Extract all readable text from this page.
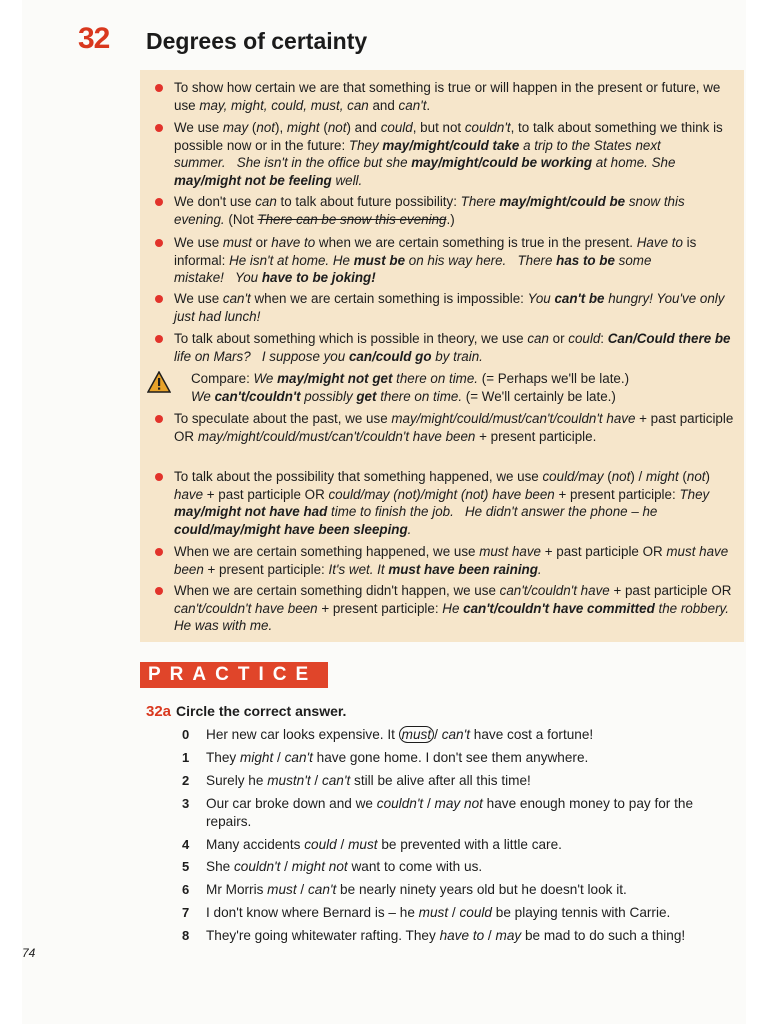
32 Degrees of certainty
To show how certain we are that something is true or will happen in the present or future, we use may, might, could, must, can and can't.
We use may (not), might (not) and could, but not couldn't, to talk about something we think is possible now or in the future: They may/might/could take a trip to the States next summer. She isn't in the office but she may/might/could be working at home. She may/might not be feeling well.
We don't use can to talk about future possibility: There may/might/could be snow this evening. (Not There can be snow this evening.)
We use must or have to when we are certain something is true in the present. Have to is informal: He isn't at home. He must be on his way here. There has to be some mistake! You have to be joking!
We use can't when we are certain something is impossible: You can't be hungry! You've only just had lunch!
To talk about something which is possible in theory, we use can or could: Can/Could there be life on Mars? I suppose you can/could go by train.
Compare: We may/might not get there on time. (= Perhaps we'll be late.)
We can't/couldn't possibly get there on time. (= We'll certainly be late.)
To speculate about the past, we use may/might/could/must/can't/couldn't have + past participle OR may/might/could/must/can't/couldn't have been + present participle.
To talk about the possibility that something happened, we use could/may (not) / might (not) have + past participle OR could/may (not)/might (not) have been + present participle: They may/might not have had time to finish the job. He didn't answer the phone – he could/may/might have been sleeping.
When we are certain something happened, we use must have + past participle OR must have been + present participle: It's wet. It must have been raining.
When we are certain something didn't happen, we use can't/couldn't have + past participle OR can't/couldn't have been + present participle: He can't/couldn't have committed the robbery. He was with me.
PRACTICE
32a Circle the correct answer.
0	Her new car looks expensive. It must / can't have cost a fortune!
1	They might / can't have gone home. I don't see them anywhere.
2	Surely he mustn't / can't still be alive after all this time!
3	Our car broke down and we couldn't / may not have enough money to pay for the repairs.
4	Many accidents could / must be prevented with a little care.
5	She couldn't / might not want to come with us.
6	Mr Morris must / can't be nearly ninety years old but he doesn't look it.
7	I don't know where Bernard is – he must / could be playing tennis with Carrie.
8	They're going whitewater rafting. They have to / may be mad to do such a thing!
74
